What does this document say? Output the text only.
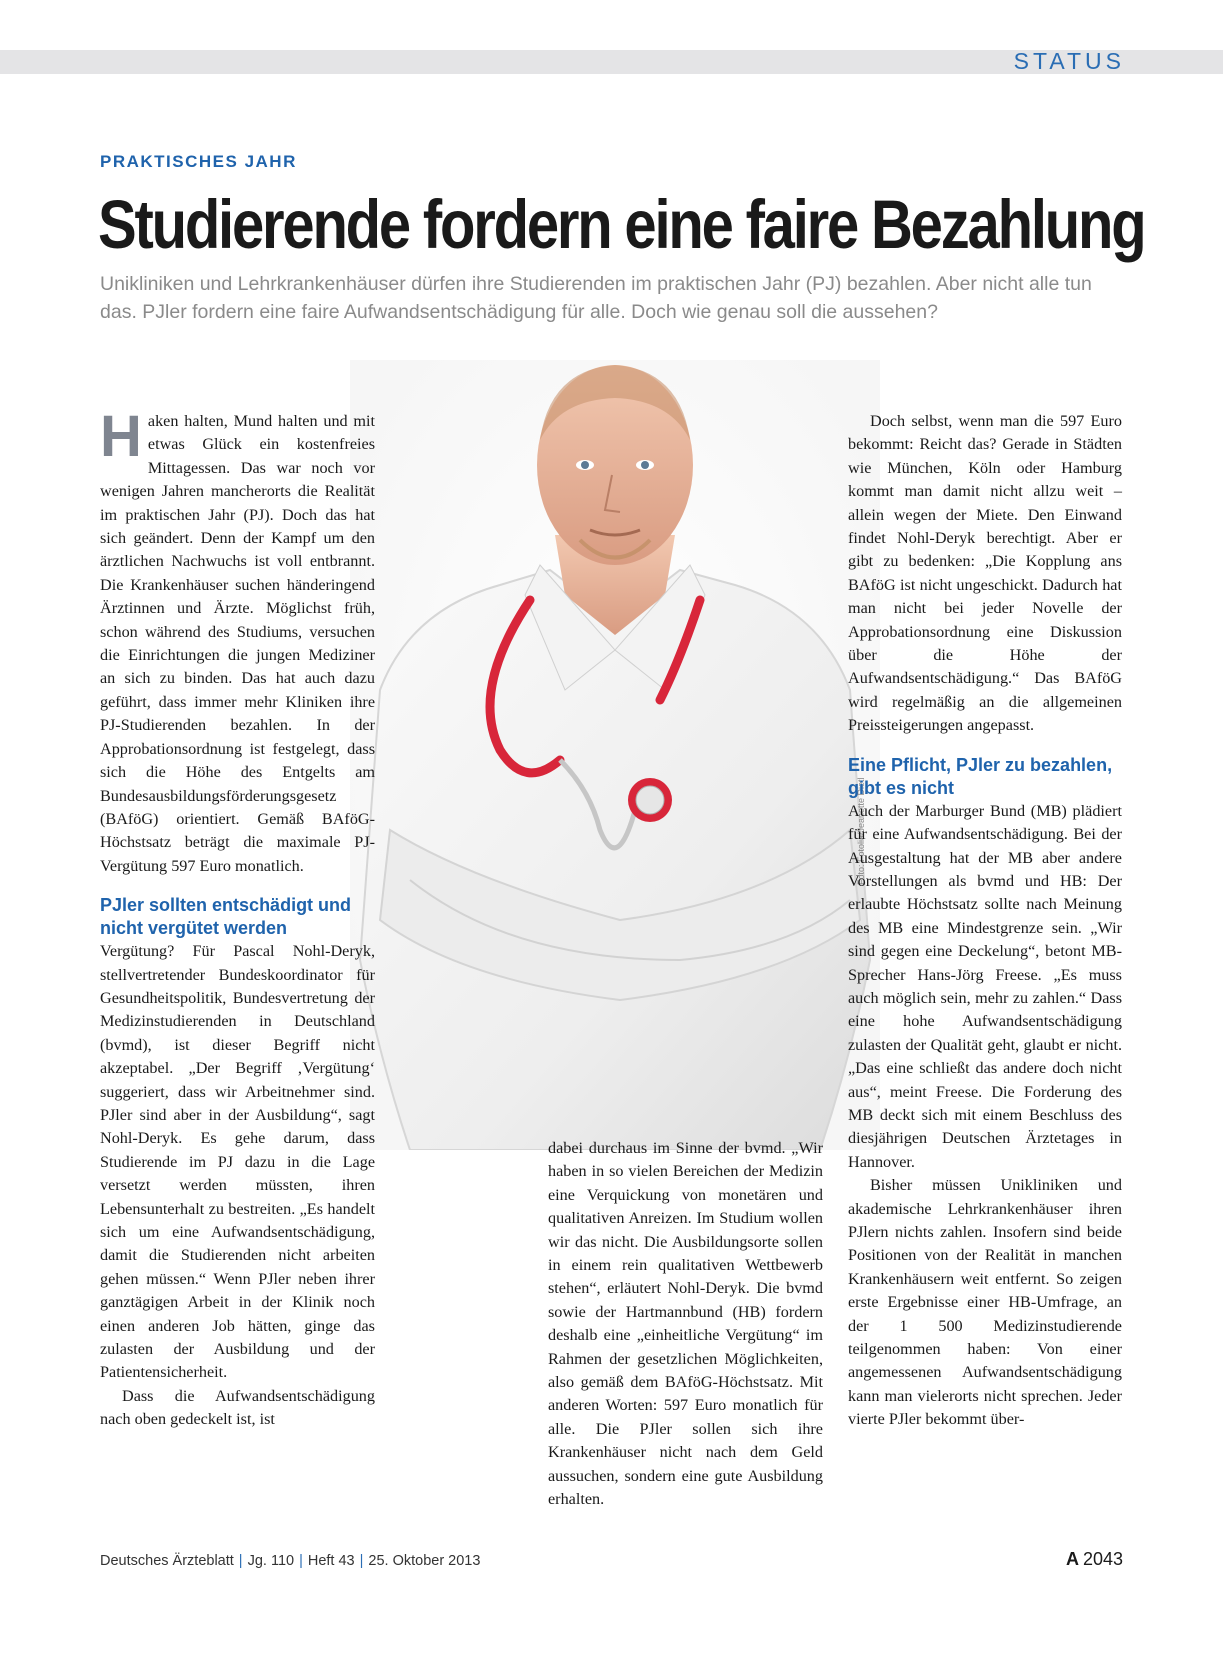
STATUS
PRAKTISCHES JAHR
Studierende fordern eine faire Bezahlung
Unikliniken und Lehrkrankenhäuser dürfen ihre Studierenden im praktischen Jahr (PJ) bezahlen. Aber nicht alle tun das. PJler fordern eine faire Aufwandsentschädigung für alle. Doch wie genau soll die aussehen?
Foto: Fotolia/Jeanette Dietl

Haken halten, Mund halten und mit etwas Glück ein kostenfreies Mittagessen. Das war noch vor wenigen Jahren mancherorts die Realität im praktischen Jahr (PJ). Doch das hat sich geändert. Denn der Kampf um den ärztlichen Nachwuchs ist voll entbrannt. Die Krankenhäuser suchen händeringend Ärztinnen und Ärzte. Möglichst früh, schon während des Studiums, versuchen die Einrichtungen die jungen Mediziner an sich zu binden. Das hat auch dazu geführt, dass immer mehr Kliniken ihre PJ-Studierenden bezahlen. In der Approbationsordnung ist festgelegt, dass sich die Höhe des Entgelts am Bundesausbildungsförderungsgesetz (BAföG) orientiert. Gemäß BAföG-Höchstsatz beträgt die maximale PJ-Vergütung 597 Euro monatlich.

PJler sollten entschädigt und nicht vergütet werden

Vergütung? Für Pascal Nohl-Deryk, stellvertretender Bundeskoordinator für Gesundheitspolitik, Bundesvertretung der Medizinstudierenden in Deutschland (bvmd), ist dieser Begriff nicht akzeptabel. „Der Begriff ‚Vergütung‘ suggeriert, dass wir Arbeitnehmer sind. PJler sind aber in der Ausbildung“, sagt Nohl-Deryk. Es gehe darum, dass Studierende im PJ dazu in die Lage versetzt werden müssten, ihren Lebensunterhalt zu bestreiten. „Es handelt sich um eine Aufwandsentschädigung, damit die Studierenden nicht arbeiten gehen müssen.“ Wenn PJler neben ihrer ganztägigen Arbeit in der Klinik noch einen anderen Job hätten, ginge das zulasten der Ausbildung und der Patientensicherheit.

Dass die Aufwandsentschädigung nach oben gedeckelt ist, ist

dabei durchaus im Sinne der bvmd. „Wir haben in so vielen Bereichen der Medizin eine Verquickung von monetären und qualitativen Anreizen. Im Studium wollen wir das nicht. Die Ausbildungsorte sollen in einem rein qualitativen Wettbewerb stehen“, erläutert Nohl-Deryk. Die bvmd sowie der Hartmannbund (HB) fordern deshalb eine „einheitliche Vergütung“ im Rahmen der gesetzlichen Möglichkeiten, also gemäß dem BAföG-Höchstsatz. Mit anderen Worten: 597 Euro monatlich für alle. Die PJler sollen sich ihre Krankenhäuser nicht nach dem Geld aussuchen, sondern eine gute Ausbildung erhalten.

Doch selbst, wenn man die 597 Euro bekommt: Reicht das? Gerade in Städten wie München, Köln oder Hamburg kommt man damit nicht allzu weit – allein wegen der Miete. Den Einwand findet Nohl-Deryk berechtigt. Aber er gibt zu bedenken: „Die Kopplung ans BAföG ist nicht ungeschickt. Dadurch hat man nicht bei jeder Novelle der Approbationsordnung eine Diskussion über die Höhe der Aufwandsentschädigung.“ Das BAföG wird regelmäßig an die allgemeinen Preissteigerungen angepasst.

Eine Pflicht, PJler zu bezahlen, gibt es nicht

Auch der Marburger Bund (MB) plädiert für eine Aufwandsentschädigung. Bei der Ausgestaltung hat der MB aber andere Vorstellungen als bvmd und HB: Der erlaubte Höchstsatz sollte nach Meinung des MB eine Mindestgrenze sein. „Wir sind gegen eine Deckelung“, betont MB-Sprecher Hans-Jörg Freese. „Es muss auch möglich sein, mehr zu zahlen.“ Dass eine hohe Aufwandsentschädigung zulasten der Qualität geht, glaubt er nicht. „Das eine schließt das andere doch nicht aus“, meint Freese. Die Forderung des MB deckt sich mit einem Beschluss des diesjährigen Deutschen Ärztetages in Hannover.

Bisher müssen Unikliniken und akademische Lehrkrankenhäuser ihren PJlern nichts zahlen. Insofern sind beide Positionen von der Realität in manchen Krankenhäusern weit entfernt. So zeigen erste Ergebnisse einer HB-Umfrage, an der 1 500 Medizinstudierende teilgenommen haben: Von einer angemessenen Aufwandsentschädigung kann man vielerorts nicht sprechen. Jeder vierte PJler bekommt über-

Deutsches Ärzteblatt | Jg. 110 | Heft 43 | 25. Oktober 2013	A 2043
